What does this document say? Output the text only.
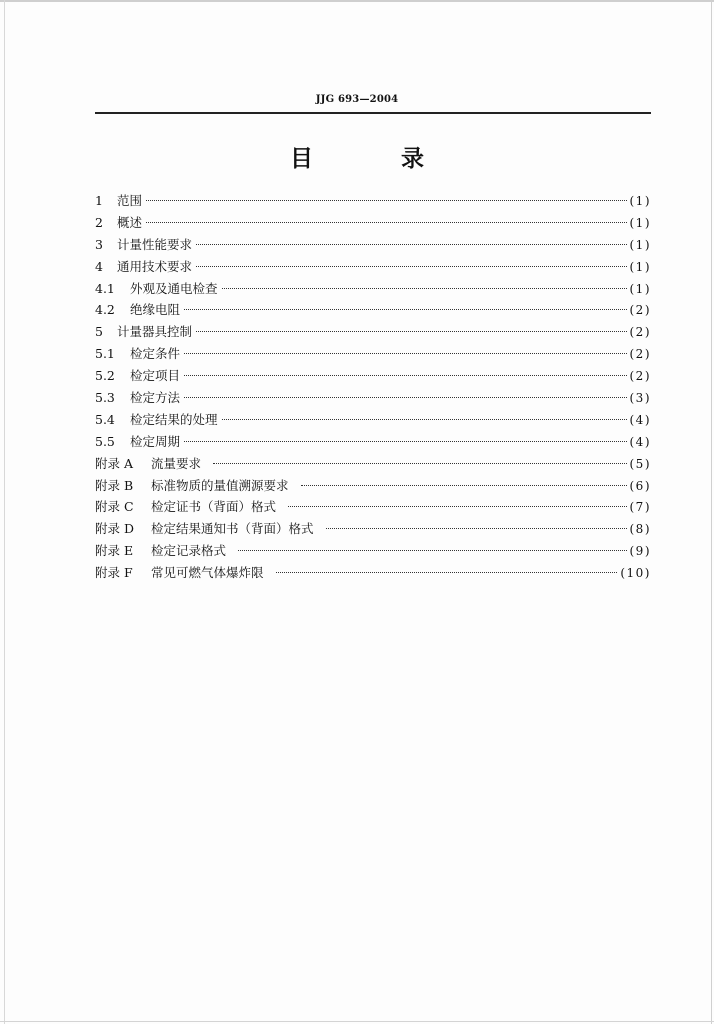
JJG 693—2004
目 录
1	范围	(1)
2	概述	(1)
3	计量性能要求	(1)
4	通用技术要求	(1)
4.1	外观及通电检查	(1)
4.2	绝缘电阻	(2)
5	计量器具控制	(2)
5.1	检定条件	(2)
5.2	检定项目	(2)
5.3	检定方法	(3)
5.4	检定结果的处理	(4)
5.5	检定周期	(4)
附录 A	流量要求	(5)
附录 B	标准物质的量值溯源要求	(6)
附录 C	检定证书（背面）格式	(7)
附录 D	检定结果通知书（背面）格式	(8)
附录 E	检定记录格式	(9)
附录 F	常见可燃气体爆炸限	(10)
